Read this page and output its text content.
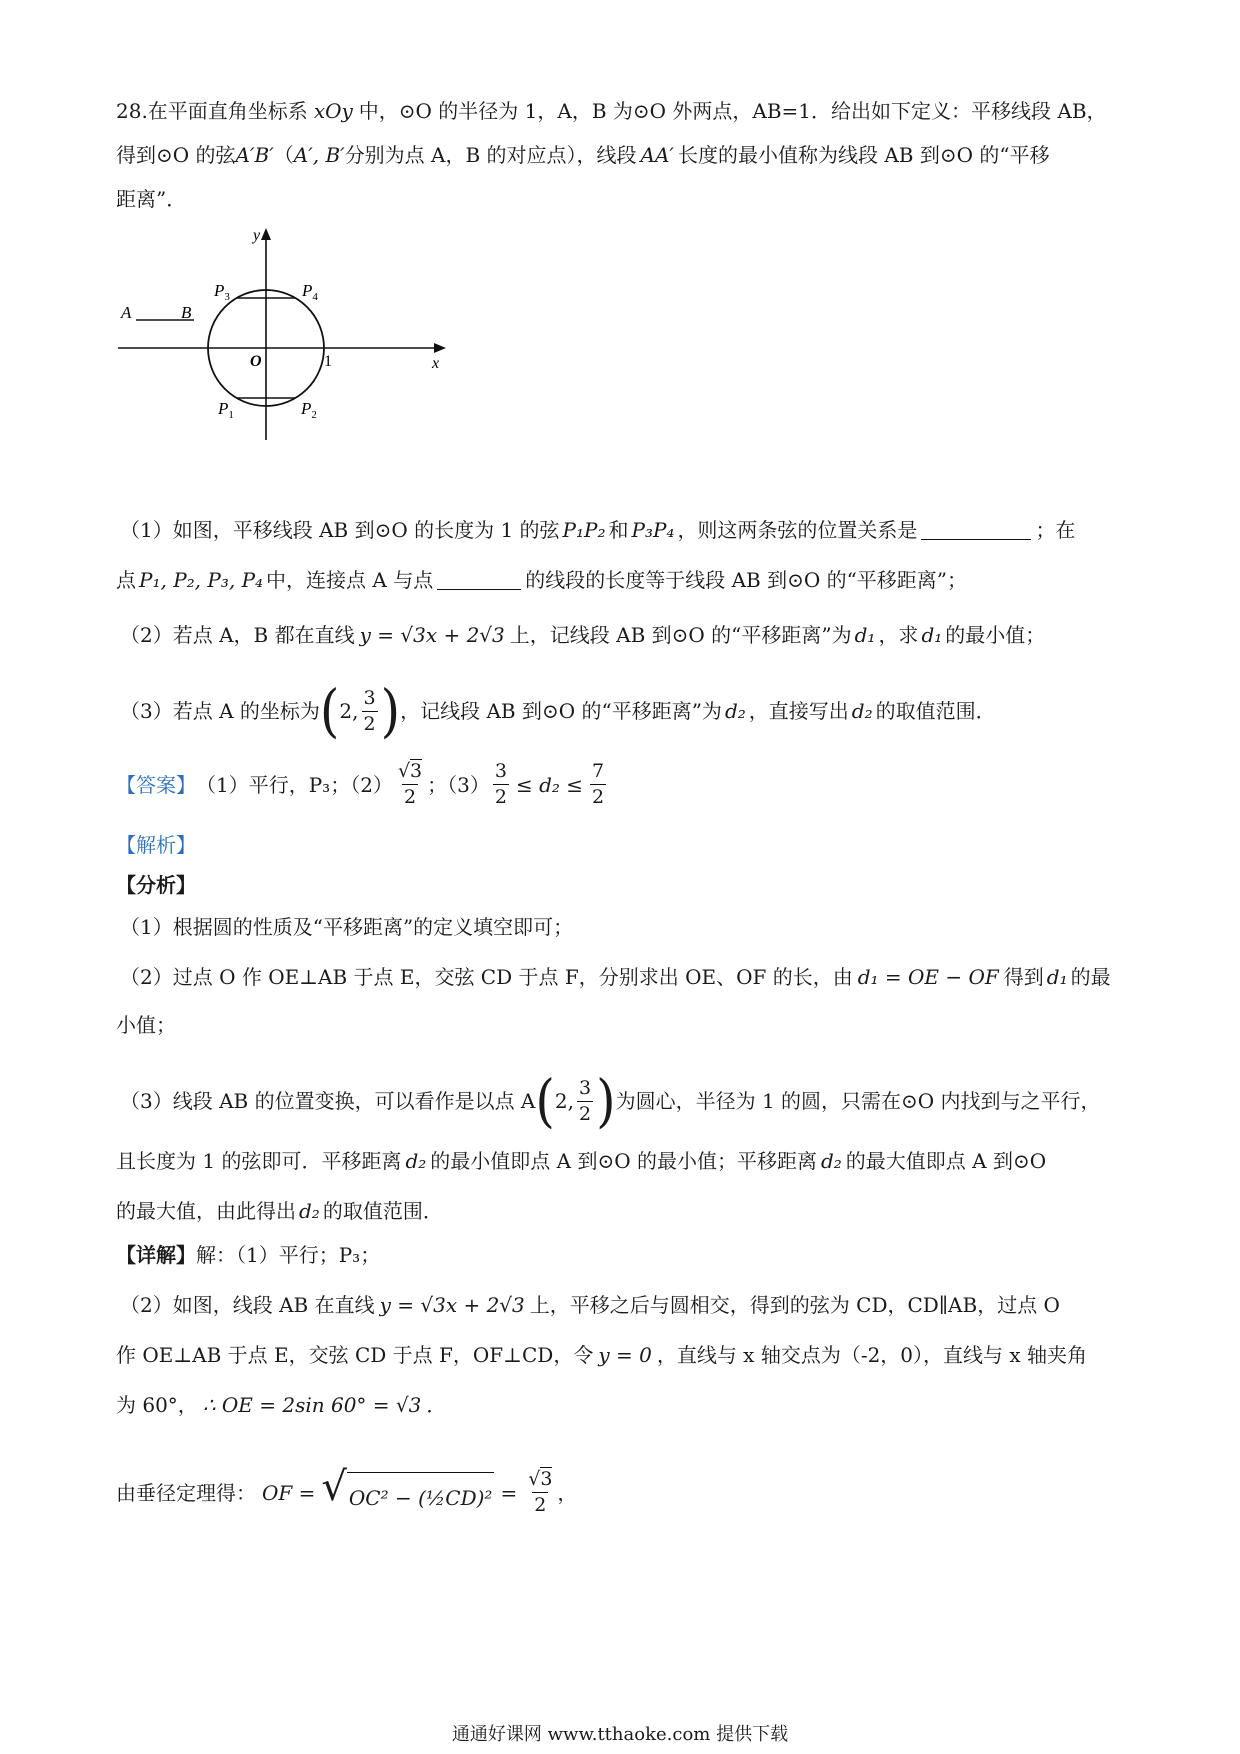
28.在平面直角坐标系 xOy 中，⊙O 的半径为 1，A，B 为⊙O 外两点，AB=1．给出如下定义：平移线段 AB，
得到⊙O 的弦 A′B′ （ A′, B′ 分别为点 A，B 的对应点），线段 AA′ 长度的最小值称为线段 AB 到⊙O 的“平移
距离”．
y
x
O	1
A	B
$P_3$	$P_4$
$P_1$	$P_2$
（1）如图，平移线段 AB 到⊙O 的长度为 1 的弦 P₁P₂ 和 P₃P₄ ，则这两条弦的位置关系是	；在
点 P₁, P₂, P₃, P₄ 中，连接点 A 与点	的线段的长度等于线段 AB 到⊙O 的“平移距离”；
（2）若点 A，B 都在直线 y = √3x + 2√3 上，记线段 AB 到⊙O 的“平移距离”为 d₁ ，求 d₁ 的最小值；
（3）若点 A 的坐标为 ( 2, $\frac{3}{2}$ ) ，记线段 AB 到⊙O 的“平移距离”为 d₂ ，直接写出 d₂ 的取值范围．
【答案】 （1）平行，P₃；$(2) \frac{√3}{2}$ ；$(3) \frac{3}{2} \le d_2 \le \frac{7}{2}$
【解析】
【分析】
（1）根据圆的性质及“平移距离”的定义填空即可；
（2）过点 O 作 OE⊥AB 于点 E，交弦 CD 于点 F，分别求出 OE、OF 的长，由 d₁ = OE − OF 得到 d₁ 的最
小值；
（3）线段 AB 的位置变换，可以看作是以点 A ( 2, $\frac{3}{2}$ ) 为圆心，半径为 1 的圆，只需在⊙O 内找到与之平行，
且长度为 1 的弦即可．平移距离 d₂ 的最小值即点 A 到⊙O 的最小值；平移距离 d₂ 的最大值即点 A 到⊙O
的最大值，由此得出 d₂ 的取值范围．
【详解】 解：（1）平行；P₃；
（2）如图，线段 AB 在直线 y = √3x + 2√3 上，平移之后与圆相交，得到的弦为 CD，CD∥AB，过点 O
作 OE⊥AB 于点 E，交弦 CD 于点 F，OF⊥CD，令 y = 0 ，直线与 x 轴交点为（-2，0），直线与 x 轴夹角
为 60°， ∴ OE = 2sin 60° = √3 ．
由垂径定理得： OF = √ OC² − (½CD)² = $\frac{√3}{2}$ ，
通通好课网 www.tthaoke.com 提供下载
